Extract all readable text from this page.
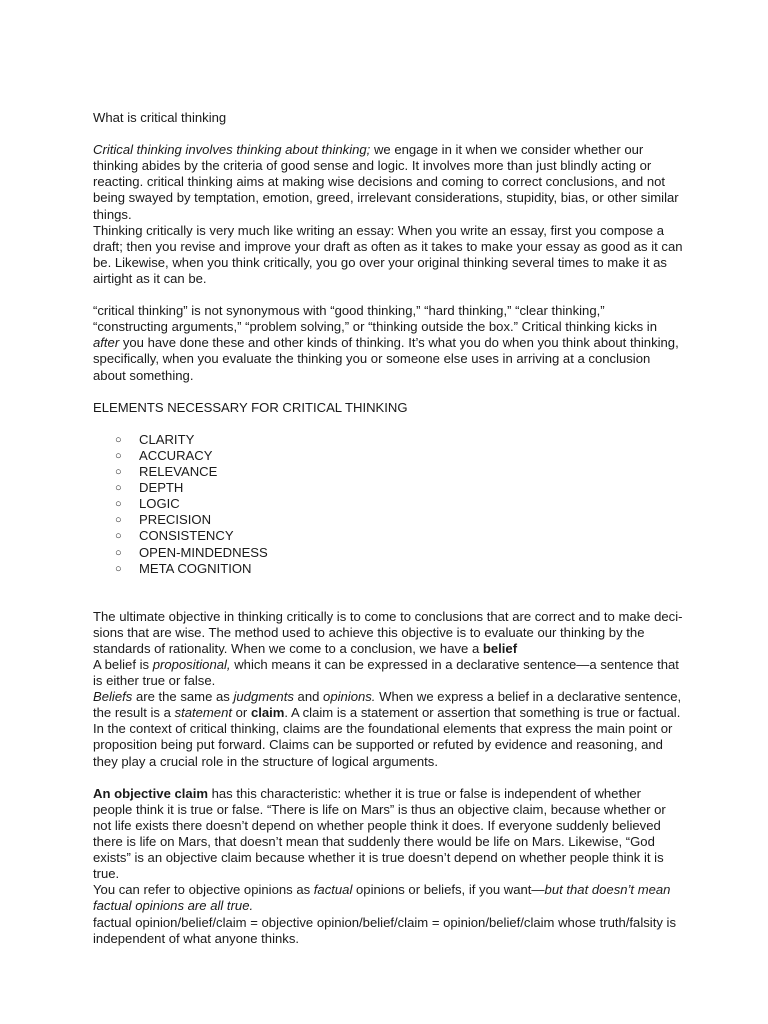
What is critical thinking

Critical thinking involves thinking about thinking; we engage in it when we consider whether our thinking abides by the criteria of good sense and logic. It involves more than just blindly acting or reacting. critical thinking aims at making wise decisions and coming to correct conclusions, and not being swayed by temptation, emotion, greed, irrelevant considerations, stupidity, bias, or other similar things.

Thinking critically is very much like writing an essay: When you write an essay, first you compose a draft; then you revise and improve your draft as often as it takes to make your essay as good as it can be. Likewise, when you think critically, you go over your original thinking several times to make it as airtight as it can be.

“critical thinking” is not synonymous with “good thinking,” “hard thinking,” “clear thinking,” “constructing arguments,” “problem solving,” or “thinking outside the box.” Critical thinking kicks in after you have done these and other kinds of thinking. It’s what you do when you think about thinking, specifically, when you evaluate the thinking you or someone else uses in arriving at a conclusion about something.

ELEMENTS NECESSARY FOR CRITICAL THINKING

○ CLARITY
○ ACCURACY
○ RELEVANCE
○ DEPTH
○ LOGIC
○ PRECISION
○ CONSISTENCY
○ OPEN-MINDEDNESS
○ META COGNITION

The ultimate objective in thinking critically is to come to conclusions that are correct and to make deci-sions that are wise. The method used to achieve this objective is to evaluate our thinking by the standards of rationality. When we come to a conclusion, we have a belief

A belief is propositional, which means it can be expressed in a declarative sentence—a sentence that is either true or false.

Beliefs are the same as judgments and opinions. When we express a belief in a declarative sentence, the result is a statement or claim. A claim is a statement or assertion that something is true or factual. In the context of critical thinking, claims are the foundational elements that express the main point or proposition being put forward. Claims can be supported or refuted by evidence and reasoning, and they play a crucial role in the structure of logical arguments.

An objective claim has this characteristic: whether it is true or false is independent of whether people think it is true or false. “There is life on Mars” is thus an objective claim, because whether or not life exists there doesn’t depend on whether people think it does. If everyone suddenly believed there is life on Mars, that doesn’t mean that suddenly there would be life on Mars. Likewise, “God exists” is an objective claim because whether it is true doesn’t depend on whether people think it is true.

You can refer to objective opinions as factual opinions or beliefs, if you want—but that doesn’t mean factual opinions are all true.

factual opinion/belief/claim = objective opinion/belief/claim = opinion/belief/claim whose truth/falsity is independent of what anyone thinks.
